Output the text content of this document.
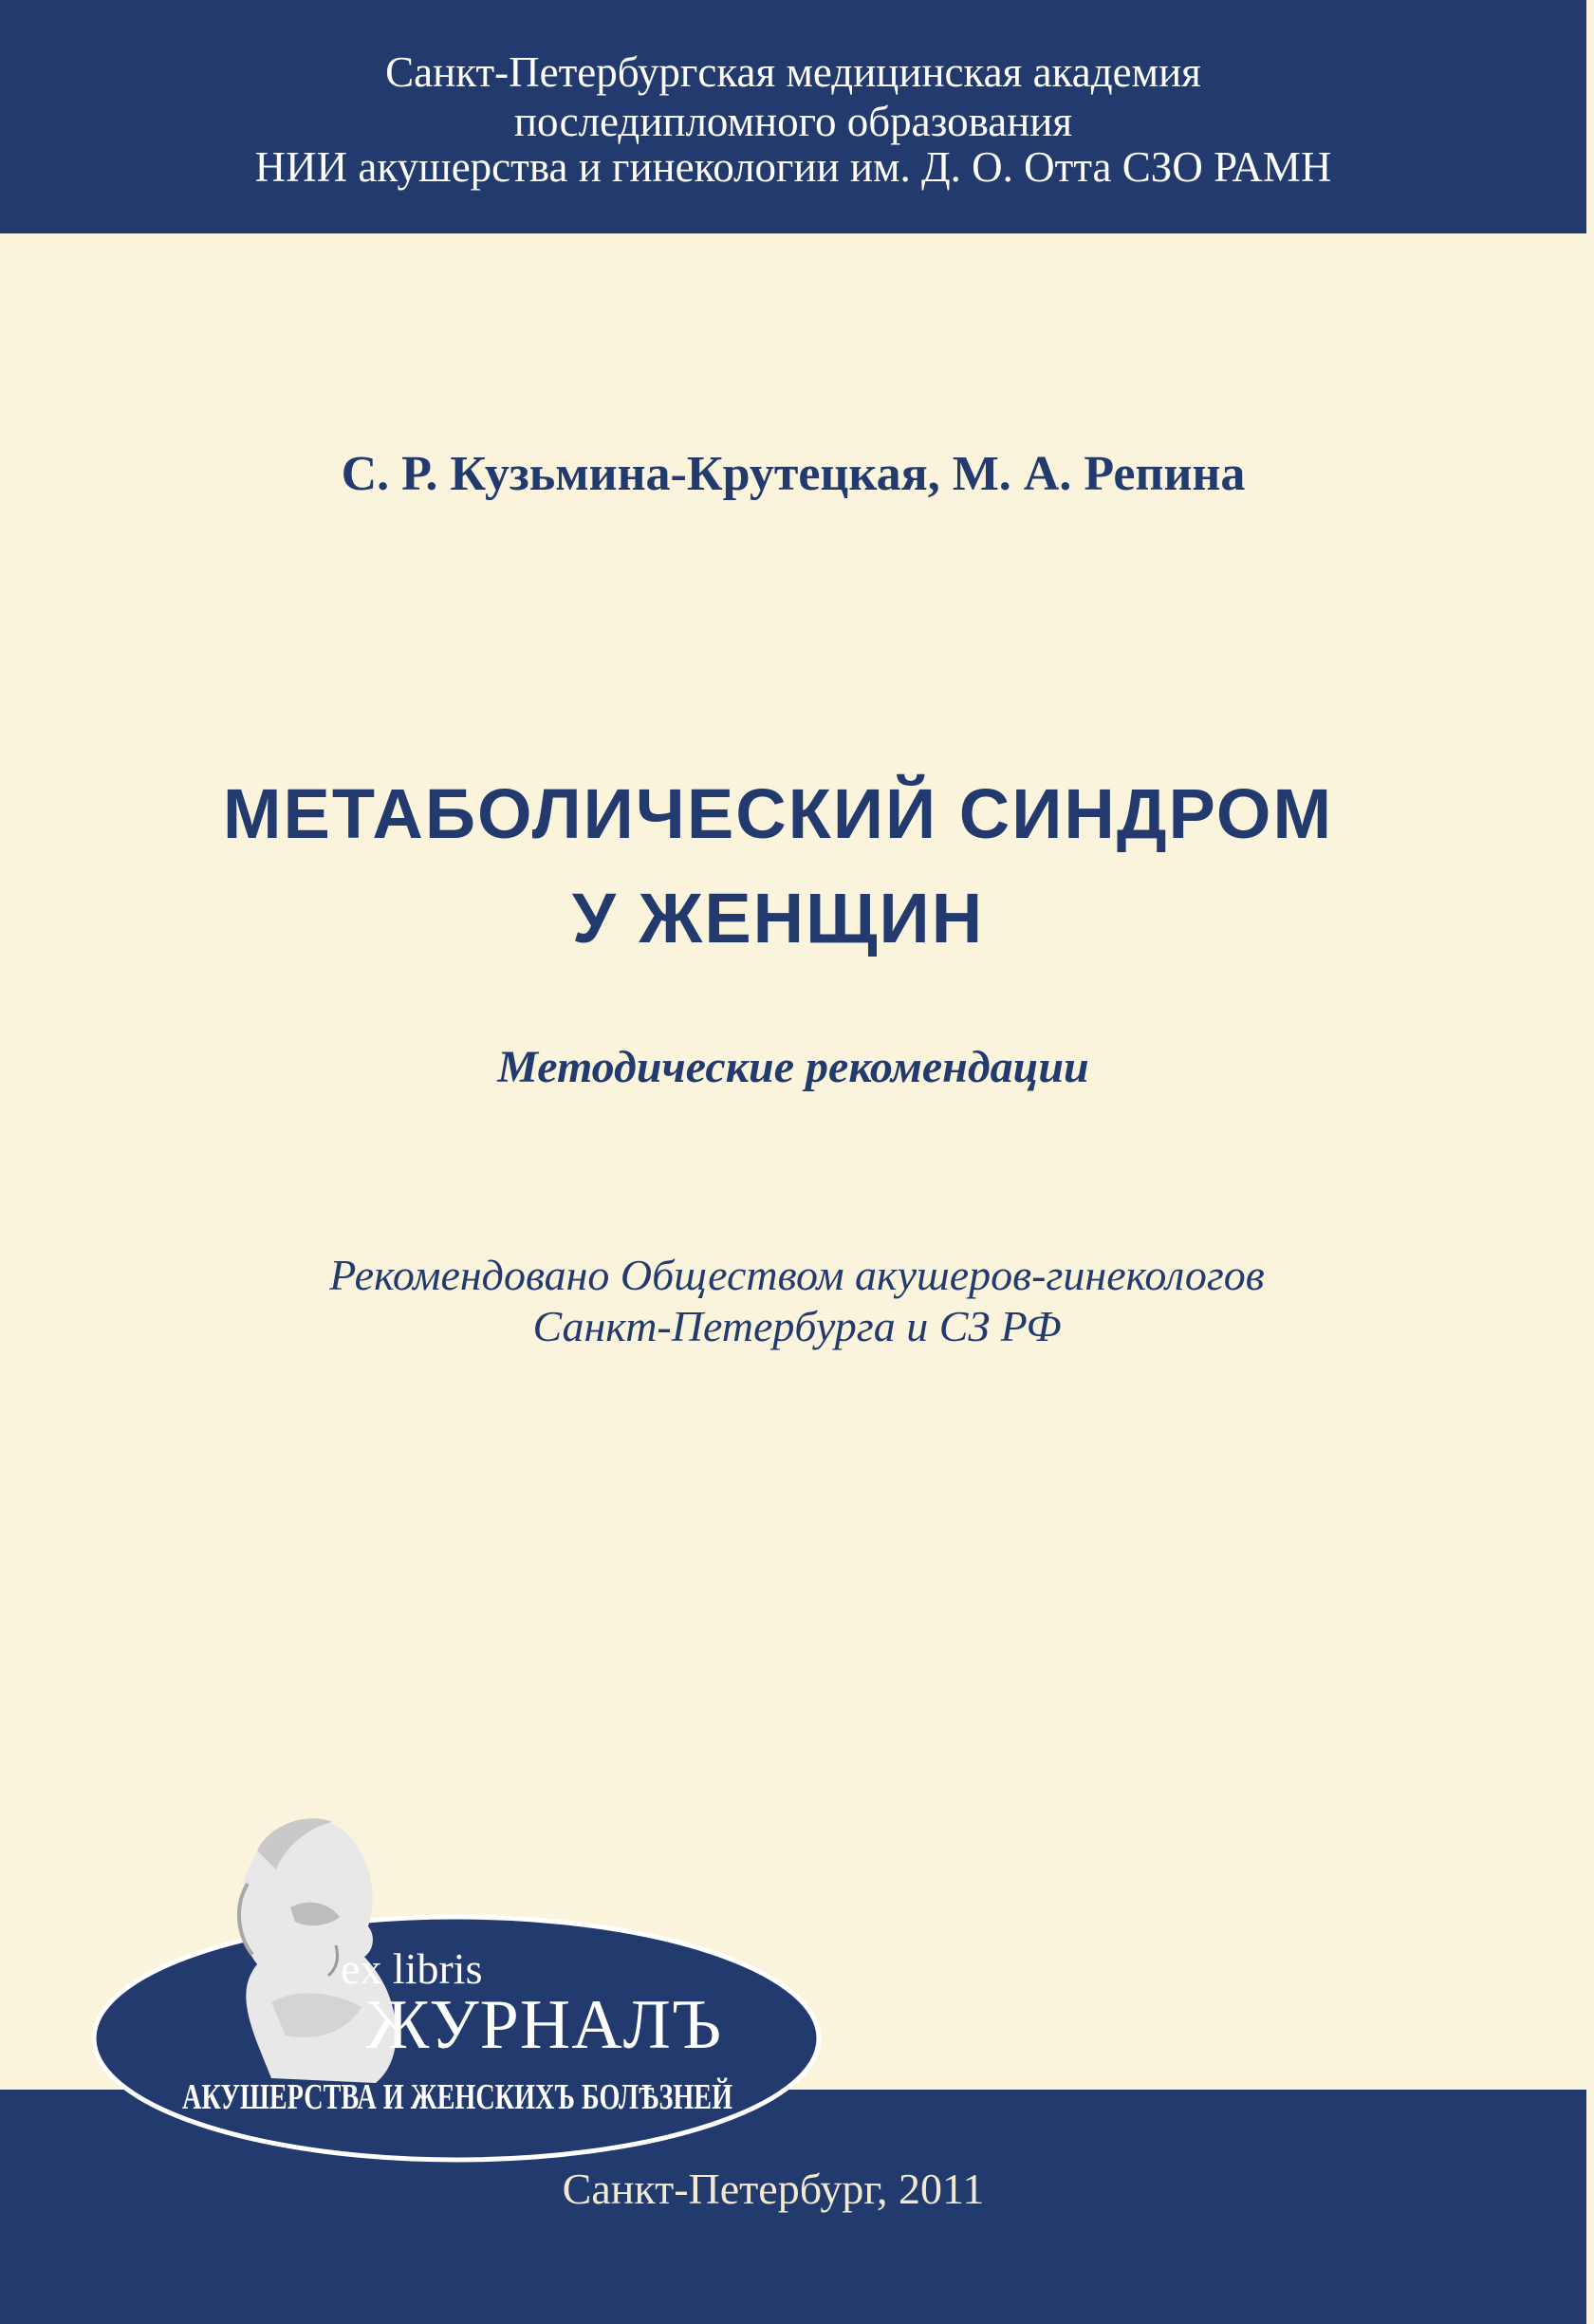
Санкт-Петербургская медицинская академия
последипломного образования
НИИ акушерства и гинекологии им. Д. О. Отта СЗО РАМН
С. Р. Кузьмина-Крутецкая, М. А. Репина
МЕТАБОЛИЧЕСКИЙ СИНДРОМ
У ЖЕНЩИН
Методические рекомендации
Рекомендовано Обществом акушеров-гинекологов
Санкт-Петербурга и СЗ РФ
Санкт-Петербург, 2011
ex libris
ЖУРНАЛЪ
АКУШЕРСТВА И ЖЕНСКИХЪ БОЛѢЗНЕЙ
